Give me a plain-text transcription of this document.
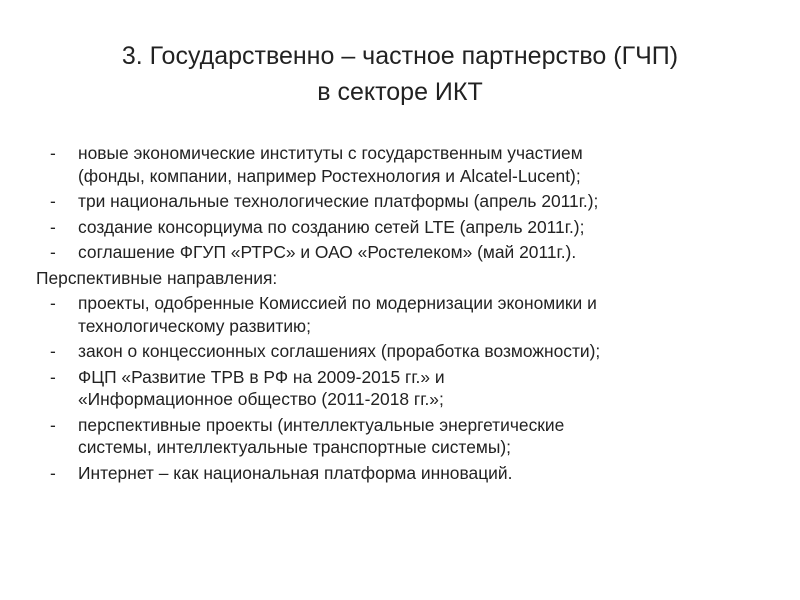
3. Государственно – частное партнерство (ГЧП)
в секторе ИКТ
- новые экономические институты с государственным участием
(фонды, компании, например Ростехнология и Alcatel-Lucent);
- три национальные технологические платформы (апрель 2011г.);
- создание консорциума по созданию сетей LTE (апрель 2011г.);
- соглашение ФГУП «РТРС» и ОАО «Ростелеком» (май 2011г.).

Перспективные направления:

- проекты, одобренные Комиссией по модернизации экономики и
технологическому развитию;
- закон о концессионных соглашениях (проработка возможности);
- ФЦП «Развитие ТРВ в РФ на 2009-2015 гг.» и
«Информационное общество (2011-2018 гг.»;
- перспективные проекты (интеллектуальные энергетические
системы, интеллектуальные транспортные системы);
- Интернет – как национальная платформа инноваций.
